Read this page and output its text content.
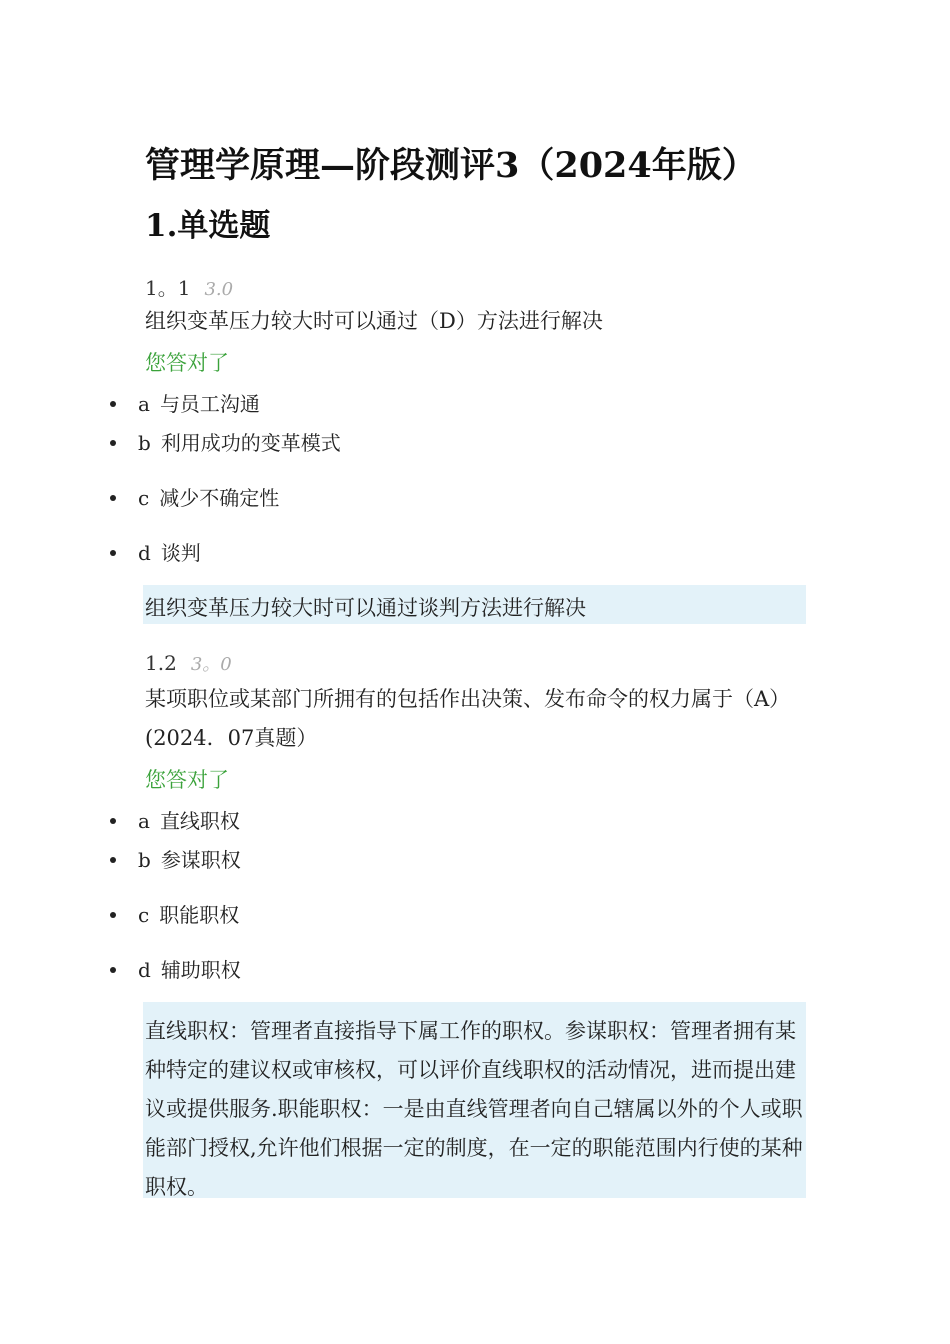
管理学原理—阶段测评3（2024年版）
1.单选题
1。1 3.0
组织变革压力较大时可以通过（D）方法进行解决
您答对了
a 与员工沟通
b 利用成功的变革模式
c 减少不确定性
d 谈判
组织变革压力较大时可以通过谈判方法进行解决
1.2 3。0
某项职位或某部门所拥有的包括作出决策、发布命令的权力属于（A）(2024．07真题）
您答对了
a 直线职权
b 参谋职权
c 职能职权
d 辅助职权
直线职权：管理者直接指导下属工作的职权。参谋职权：管理者拥有某种特定的建议权或审核权，可以评价直线职权的活动情况，进而提出建议或提供服务.职能职权：一是由直线管理者向自己辖属以外的个人或职能部门授权,允许他们根据一定的制度，在一定的职能范围内行使的某种职权。
